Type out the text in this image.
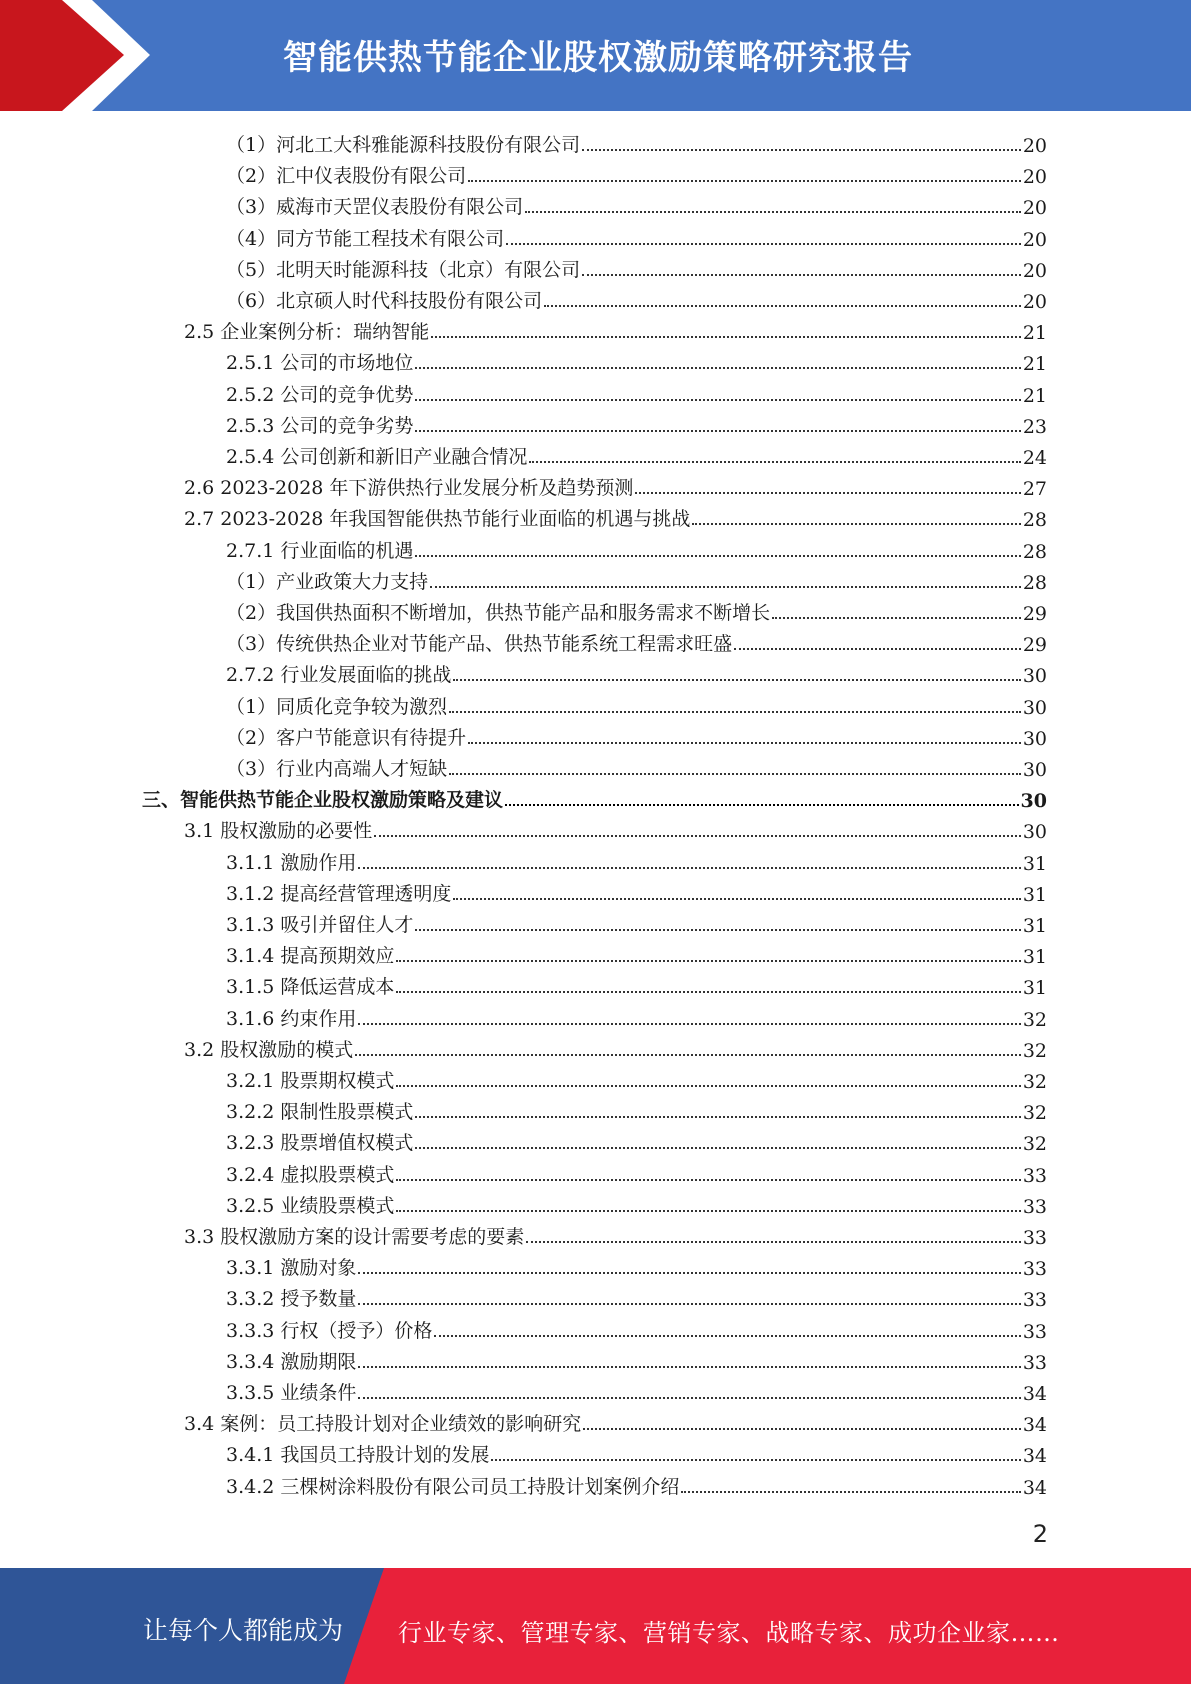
智能供热节能企业股权激励策略研究报告
（1）河北工大科雅能源科技股份有限公司	20
（2）汇中仪表股份有限公司	20
（3）威海市天罡仪表股份有限公司	20
（4）同方节能工程技术有限公司	20
（5）北明天时能源科技（北京）有限公司	20
（6）北京硕人时代科技股份有限公司	20
2.5 企业案例分析：瑞纳智能	21
2.5.1 公司的市场地位	21
2.5.2 公司的竞争优势	21
2.5.3 公司的竞争劣势	23
2.5.4 公司创新和新旧产业融合情况	24
2.6 2023-2028 年下游供热行业发展分析及趋势预测	27
2.7 2023-2028 年我国智能供热节能行业面临的机遇与挑战	28
2.7.1 行业面临的机遇	28
（1）产业政策大力支持	28
（2）我国供热面积不断增加，供热节能产品和服务需求不断增长	29
（3）传统供热企业对节能产品、供热节能系统工程需求旺盛	29
2.7.2 行业发展面临的挑战	30
（1）同质化竞争较为激烈	30
（2）客户节能意识有待提升	30
（3）行业内高端人才短缺	30
三、智能供热节能企业股权激励策略及建议	30
3.1 股权激励的必要性	30
3.1.1 激励作用	31
3.1.2 提高经营管理透明度	31
3.1.3 吸引并留住人才	31
3.1.4 提高预期效应	31
3.1.5 降低运营成本	31
3.1.6 约束作用	32
3.2 股权激励的模式	32
3.2.1 股票期权模式	32
3.2.2 限制性股票模式	32
3.2.3 股票增值权模式	32
3.2.4 虚拟股票模式	33
3.2.5 业绩股票模式	33
3.3 股权激励方案的设计需要考虑的要素	33
3.3.1 激励对象	33
3.3.2 授予数量	33
3.3.3 行权（授予）价格	33
3.3.4 激励期限	33
3.3.5 业绩条件	34
3.4 案例：员工持股计划对企业绩效的影响研究	34
3.4.1 我国员工持股计划的发展	34
3.4.2 三棵树涂料股份有限公司员工持股计划案例介绍	34
2
让每个人都能成为 行业专家、管理专家、营销专家、战略专家、成功企业家……
